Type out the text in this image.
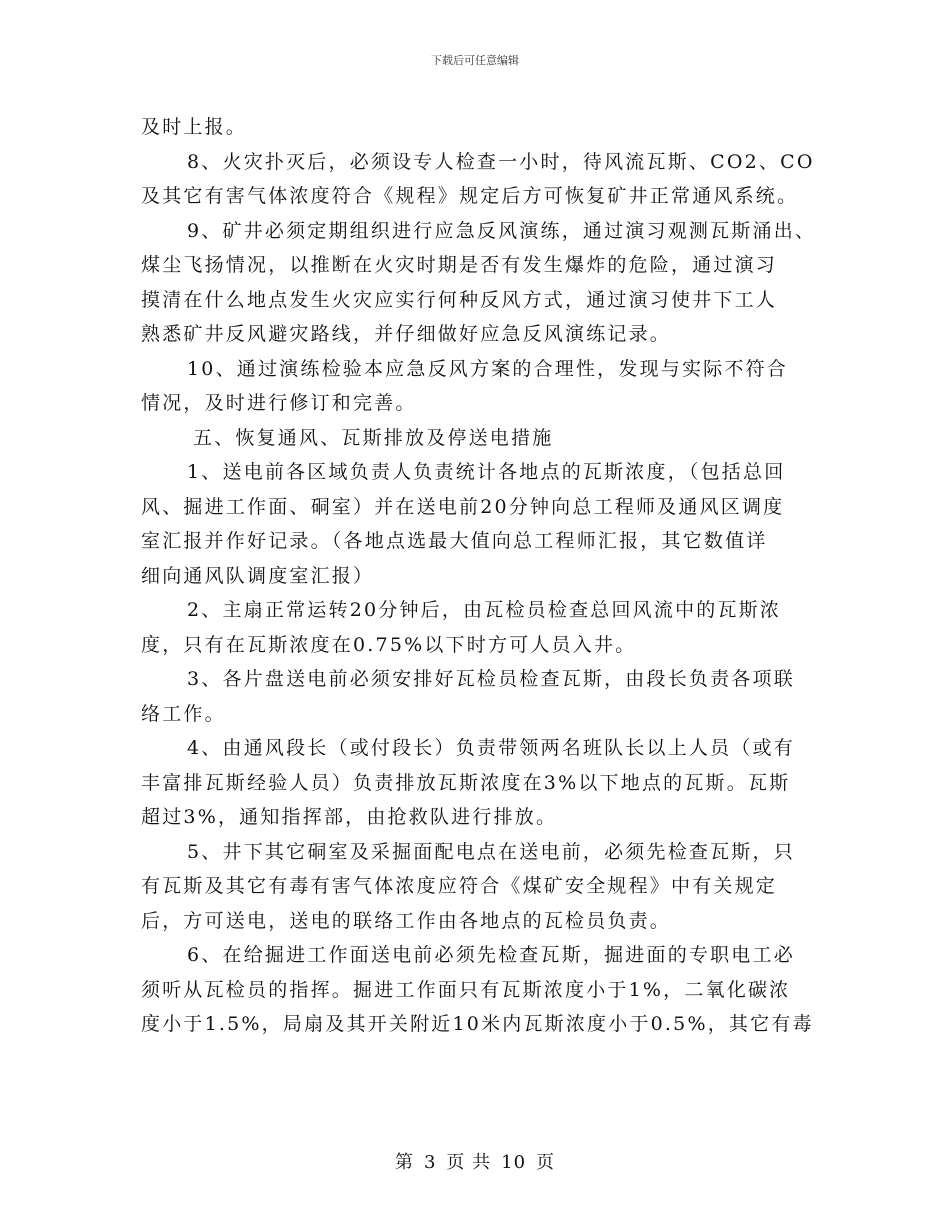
下载后可任意编辑
及时上报。
8、火灾扑灭后，必须设专人检查一小时，待风流瓦斯、CO2、CO
及其它有害气体浓度符合《规程》规定后方可恢复矿井正常通风系统。
9、矿井必须定期组织进行应急反风演练，通过演习观测瓦斯涌出、
煤尘飞扬情况，以推断在火灾时期是否有发生爆炸的危险，通过演习
摸清在什么地点发生火灾应实行何种反风方式，通过演习使井下工人
熟悉矿井反风避灾路线，并仔细做好应急反风演练记录。
10、通过演练检验本应急反风方案的合理性，发现与实际不符合
情况，及时进行修订和完善。
五、恢复通风、瓦斯排放及停送电措施
1、送电前各区域负责人负责统计各地点的瓦斯浓度，（包括总回
风、掘进工作面、硐室）并在送电前20分钟向总工程师及通风区调度
室汇报并作好记录。（各地点选最大值向总工程师汇报，其它数值详
细向通风队调度室汇报）
2、主扇正常运转20分钟后，由瓦检员检查总回风流中的瓦斯浓
度，只有在瓦斯浓度在0.75%以下时方可人员入井。
3、各片盘送电前必须安排好瓦检员检查瓦斯，由段长负责各项联
络工作。
4、由通风段长（或付段长）负责带领两名班队长以上人员（或有
丰富排瓦斯经验人员）负责排放瓦斯浓度在3%以下地点的瓦斯。瓦斯
超过3%，通知指挥部，由抢救队进行排放。
5、井下其它硐室及采掘面配电点在送电前，必须先检查瓦斯，只
有瓦斯及其它有毒有害气体浓度应符合《煤矿安全规程》中有关规定
后，方可送电，送电的联络工作由各地点的瓦检员负责。
6、在给掘进工作面送电前必须先检查瓦斯，掘进面的专职电工必
须听从瓦检员的指挥。掘进工作面只有瓦斯浓度小于1%，二氧化碳浓
度小于1.5%，局扇及其开关附近10米内瓦斯浓度小于0.5%，其它有毒
第 3 页 共 10 页
